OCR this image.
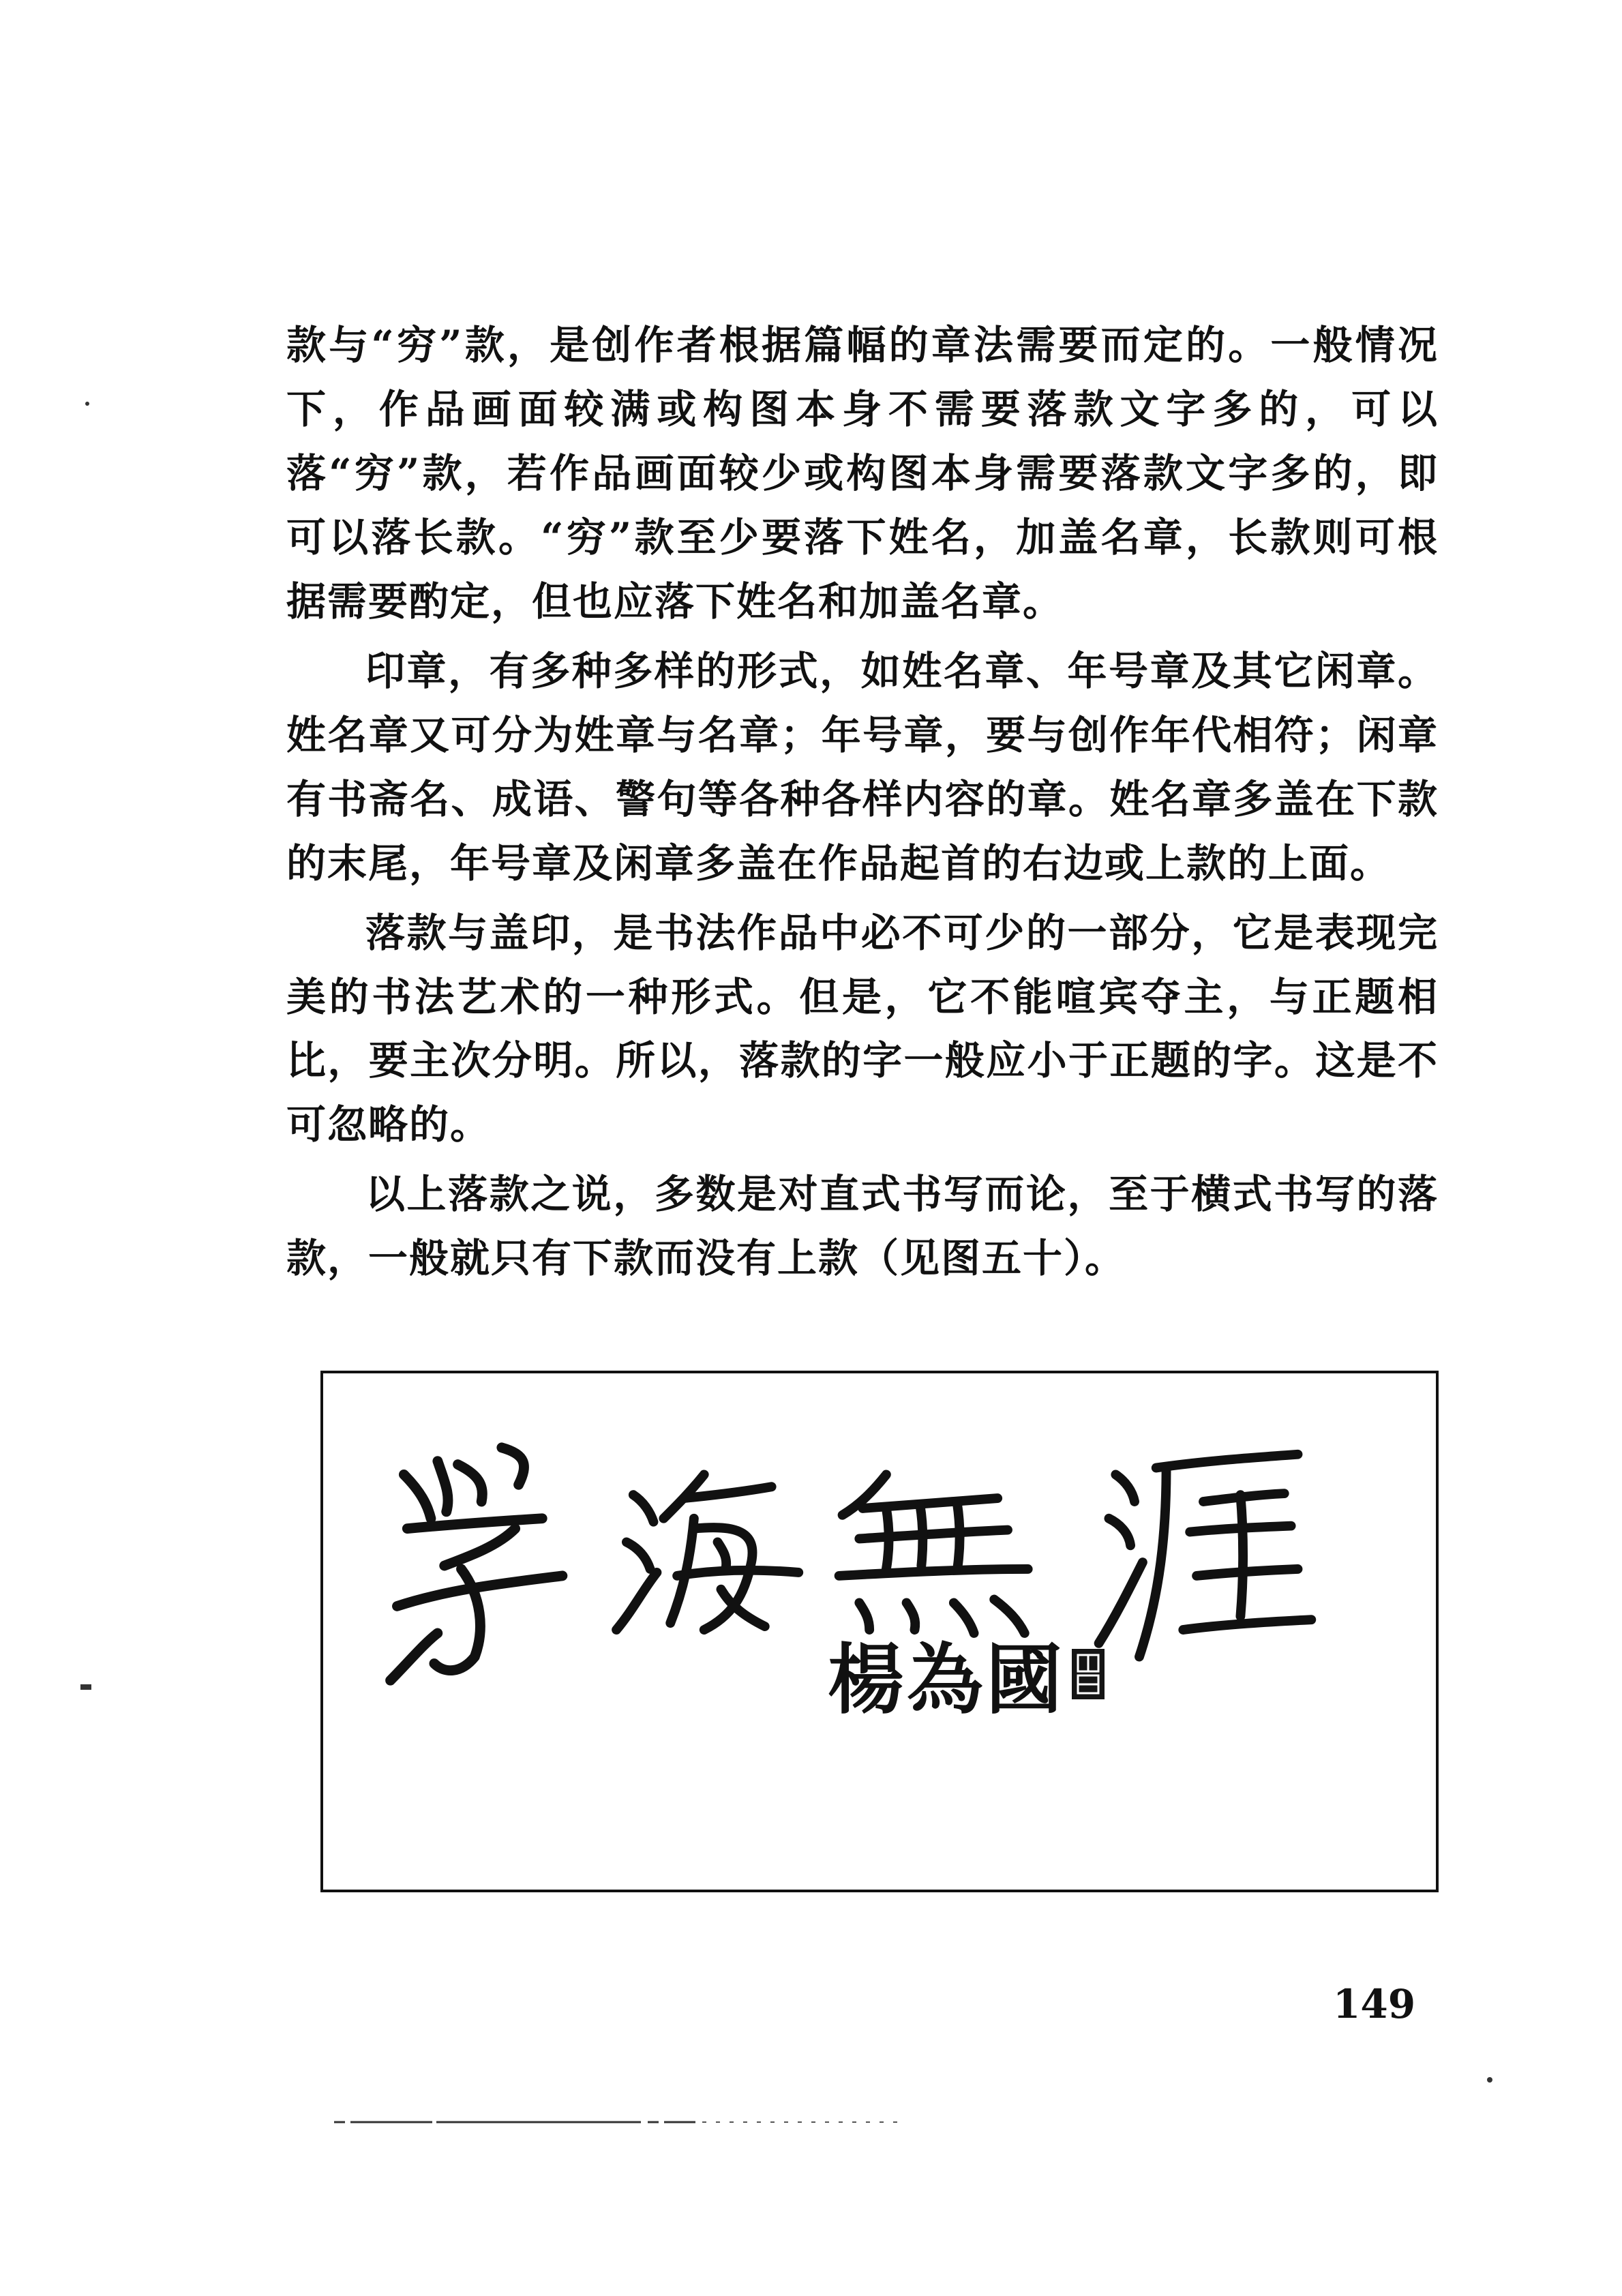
款与“穷”款，是创作者根据篇幅的章法需要而定的。一般情况下，作品画面较满或构图本身不需要落款文字多的，可以落“穷”款，若作品画面较少或构图本身需要落款文字多的，即可以落长款。“穷”款至少要落下姓名，加盖名章，长款则可根据需要酌定，但也应落下姓名和加盖名章。

印章，有多种多样的形式，如姓名章、年号章及其它闲章。姓名章又可分为姓章与名章；年号章，要与创作年代相符；闲章有书斋名、成语、警句等各种各样内容的章。姓名章多盖在下款的末尾，年号章及闲章多盖在作品起首的右边或上款的上面。

落款与盖印，是书法作品中必不可少的一部分，它是表现完美的书法艺术的一种形式。但是，它不能喧宾夺主，与正题相比，要主次分明。所以，落款的字一般应小于正题的字。这是不可忽略的。

以上落款之说，多数是对直式书写而论，至于横式书写的落款，一般就只有下款而没有上款（见图五十）。

楊為國
149
